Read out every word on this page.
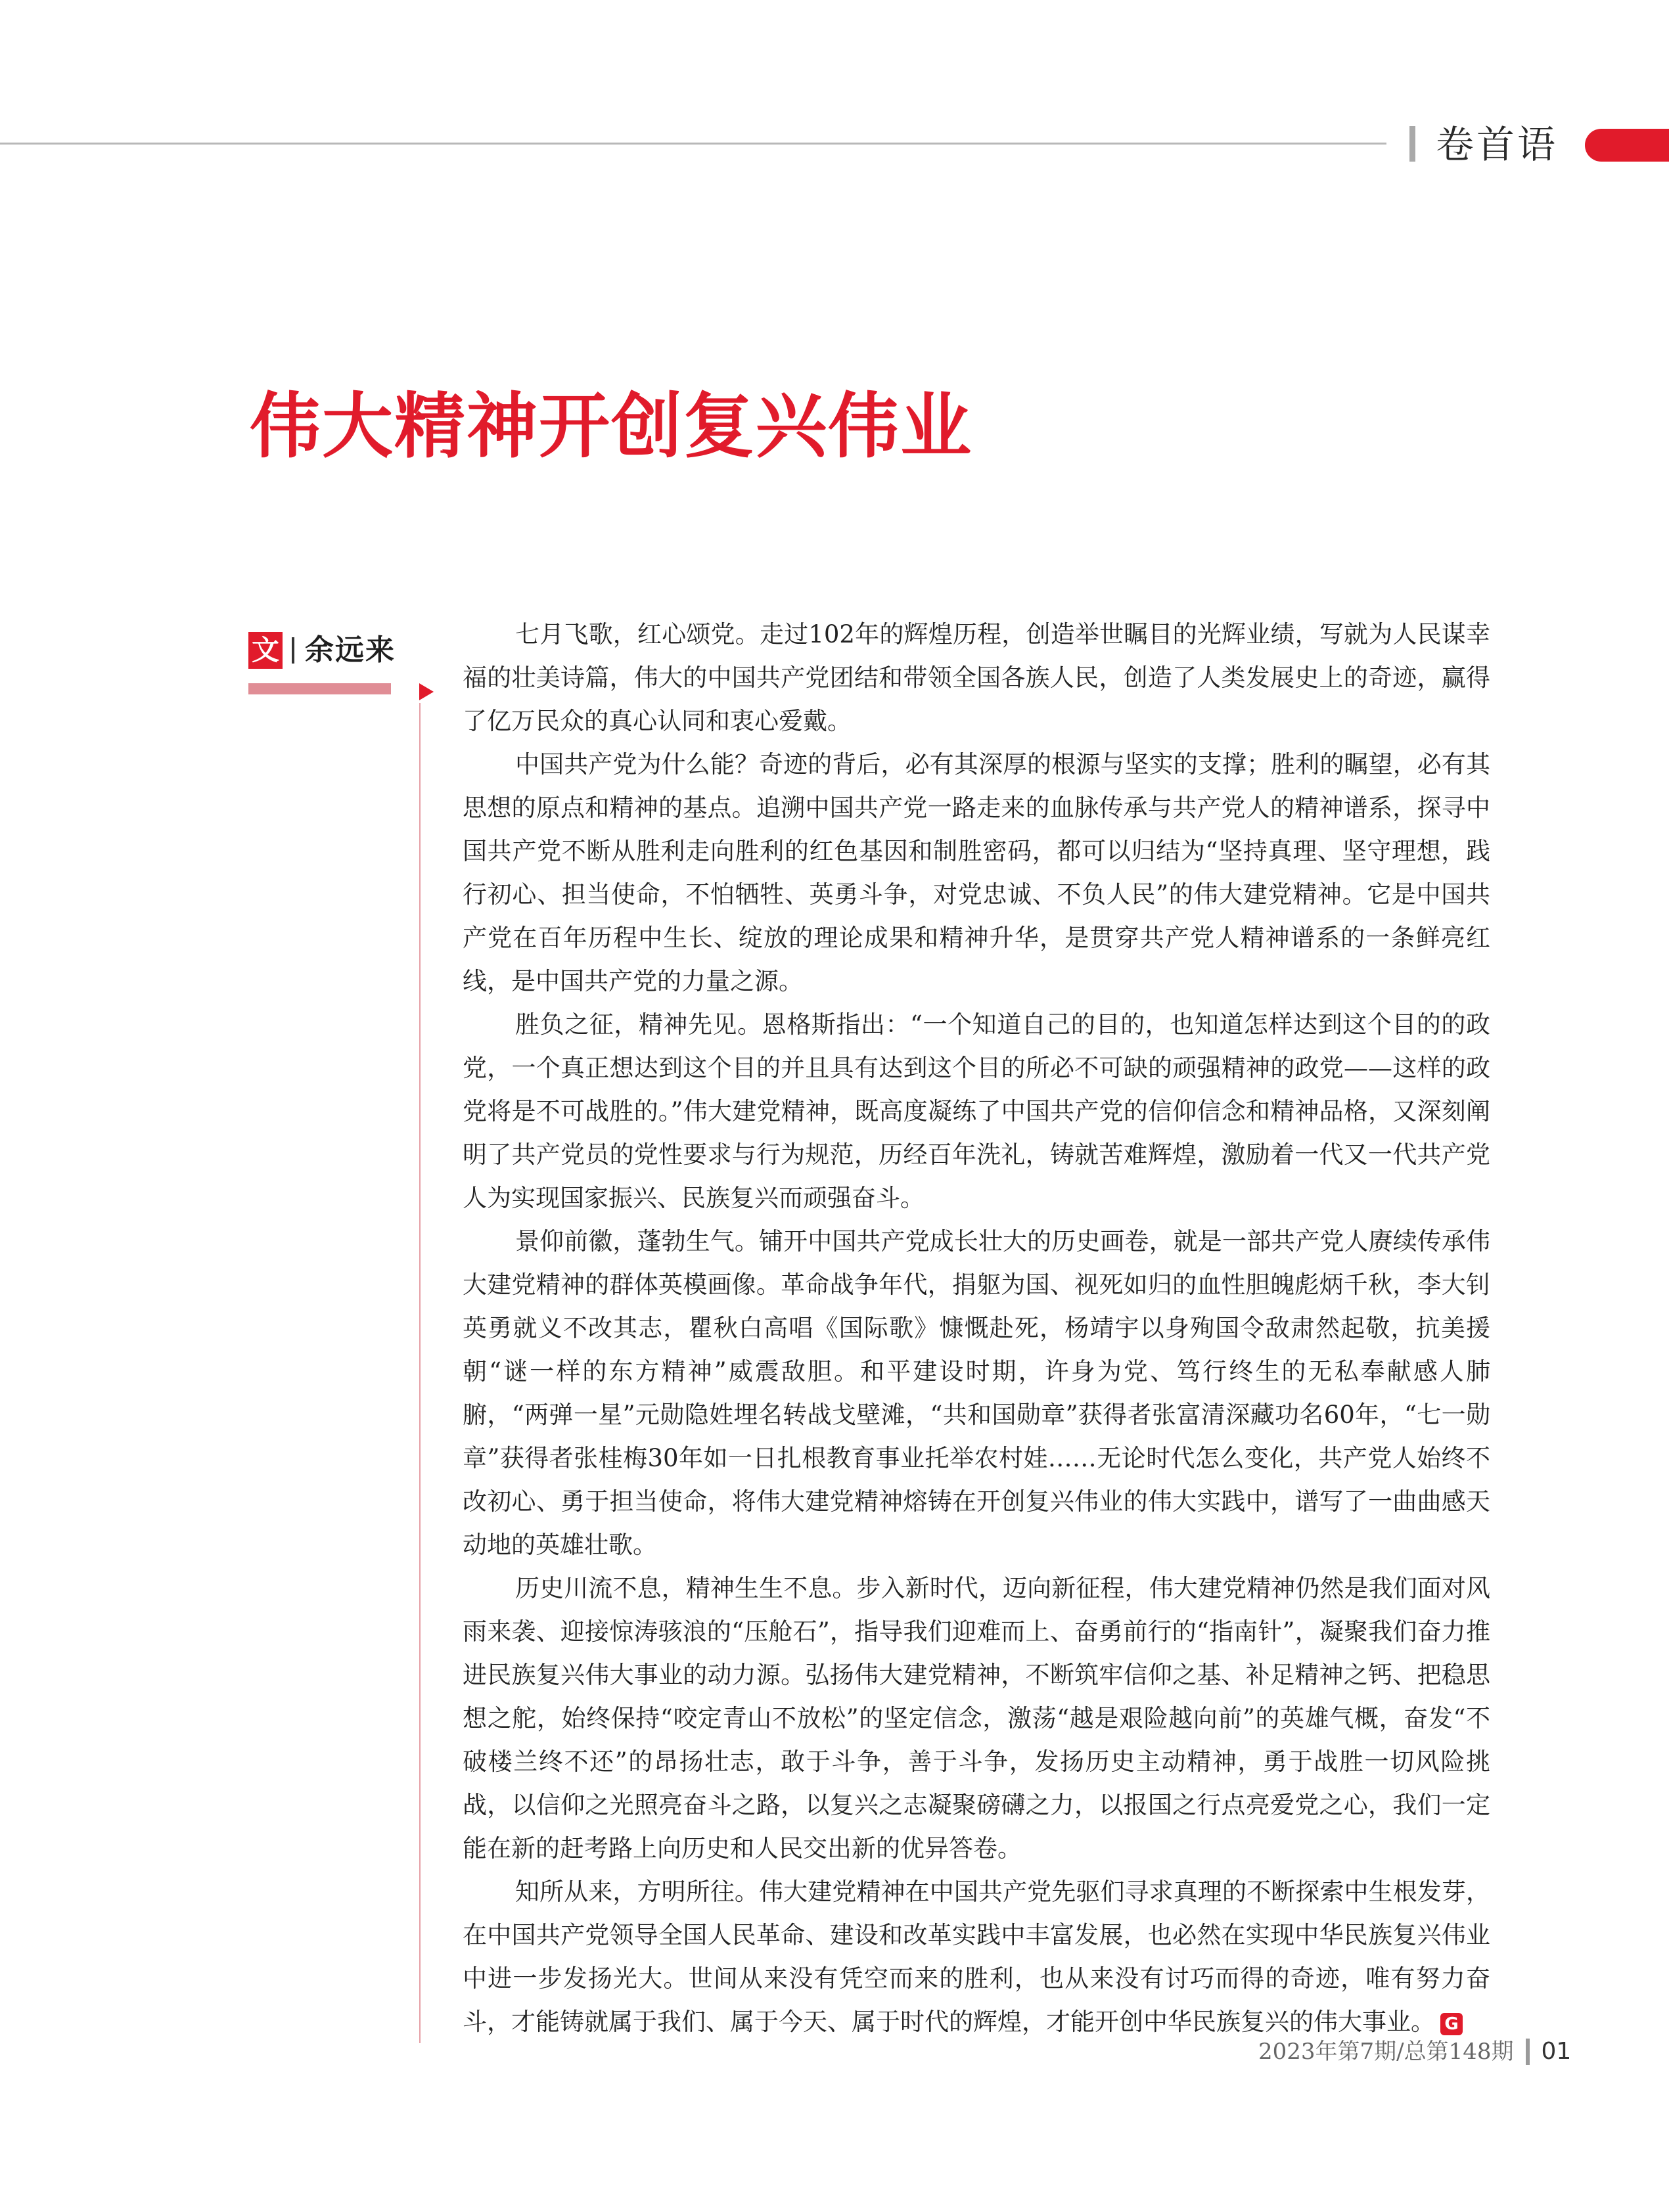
卷首语
伟大精神开创复兴伟业
文 余远来	七月飞歌，红心颂党。走过102年的辉煌历程，创造举世瞩目的光辉业绩，写就为人民谋幸福的壮美诗篇，伟大的中国共产党团结和带领全国各族人民，创造了人类发展史上的奇迹，赢得了亿万民众的真心认同和衷心爱戴。

中国共产党为什么能？奇迹的背后，必有其深厚的根源与坚实的支撑；胜利的瞩望，必有其思想的原点和精神的基点。追溯中国共产党一路走来的血脉传承与共产党人的精神谱系，探寻中国共产党不断从胜利走向胜利的红色基因和制胜密码，都可以归结为“坚持真理、坚守理想，践行初心、担当使命，不怕牺牲、英勇斗争，对党忠诚、不负人民”的伟大建党精神。它是中国共产党在百年历程中生长、绽放的理论成果和精神升华，是贯穿共产党人精神谱系的一条鲜亮红线，是中国共产党的力量之源。

胜负之征，精神先见。恩格斯指出：“一个知道自己的目的，也知道怎样达到这个目的的政党，一个真正想达到这个目的并且具有达到这个目的所必不可缺的顽强精神的政党——这样的政党将是不可战胜的。”伟大建党精神，既高度凝练了中国共产党的信仰信念和精神品格，又深刻阐明了共产党员的党性要求与行为规范，历经百年洗礼，铸就苦难辉煌，激励着一代又一代共产党人为实现国家振兴、民族复兴而顽强奋斗。

景仰前徽，蓬勃生气。铺开中国共产党成长壮大的历史画卷，就是一部共产党人赓续传承伟大建党精神的群体英模画像。革命战争年代，捐躯为国、视死如归的血性胆魄彪炳千秋，李大钊英勇就义不改其志，瞿秋白高唱《国际歌》慷慨赴死，杨靖宇以身殉国令敌肃然起敬，抗美援朝“谜一样的东方精神”威震敌胆。和平建设时期，许身为党、笃行终生的无私奉献感人肺腑，“两弹一星”元勋隐姓埋名转战戈壁滩，“共和国勋章”获得者张富清深藏功名60年，“七一勋章”获得者张桂梅30年如一日扎根教育事业托举农村娃……无论时代怎么变化，共产党人始终不改初心、勇于担当使命，将伟大建党精神熔铸在开创复兴伟业的伟大实践中，谱写了一曲曲感天动地的英雄壮歌。

历史川流不息，精神生生不息。步入新时代，迈向新征程，伟大建党精神仍然是我们面对风雨来袭、迎接惊涛骇浪的“压舱石”，指导我们迎难而上、奋勇前行的“指南针”，凝聚我们奋力推进民族复兴伟大事业的动力源。弘扬伟大建党精神，不断筑牢信仰之基、补足精神之钙、把稳思想之舵，始终保持“咬定青山不放松”的坚定信念，激荡“越是艰险越向前”的英雄气概，奋发“不破楼兰终不还”的昂扬壮志，敢于斗争，善于斗争，发扬历史主动精神，勇于战胜一切风险挑战，以信仰之光照亮奋斗之路，以复兴之志凝聚磅礴之力，以报国之行点亮爱党之心，我们一定能在新的赶考路上向历史和人民交出新的优异答卷。

知所从来，方明所往。伟大建党精神在中国共产党先驱们寻求真理的不断探索中生根发芽，在中国共产党领导全国人民革命、建设和改革实践中丰富发展，也必然在实现中华民族复兴伟业中进一步发扬光大。世间从来没有凭空而来的胜利，也从来没有讨巧而得的奇迹，唯有努力奋斗，才能铸就属于我们、属于今天、属于时代的辉煌，才能开创中华民族复兴的伟大事业。 G

2023年第7期/总第148期 01
